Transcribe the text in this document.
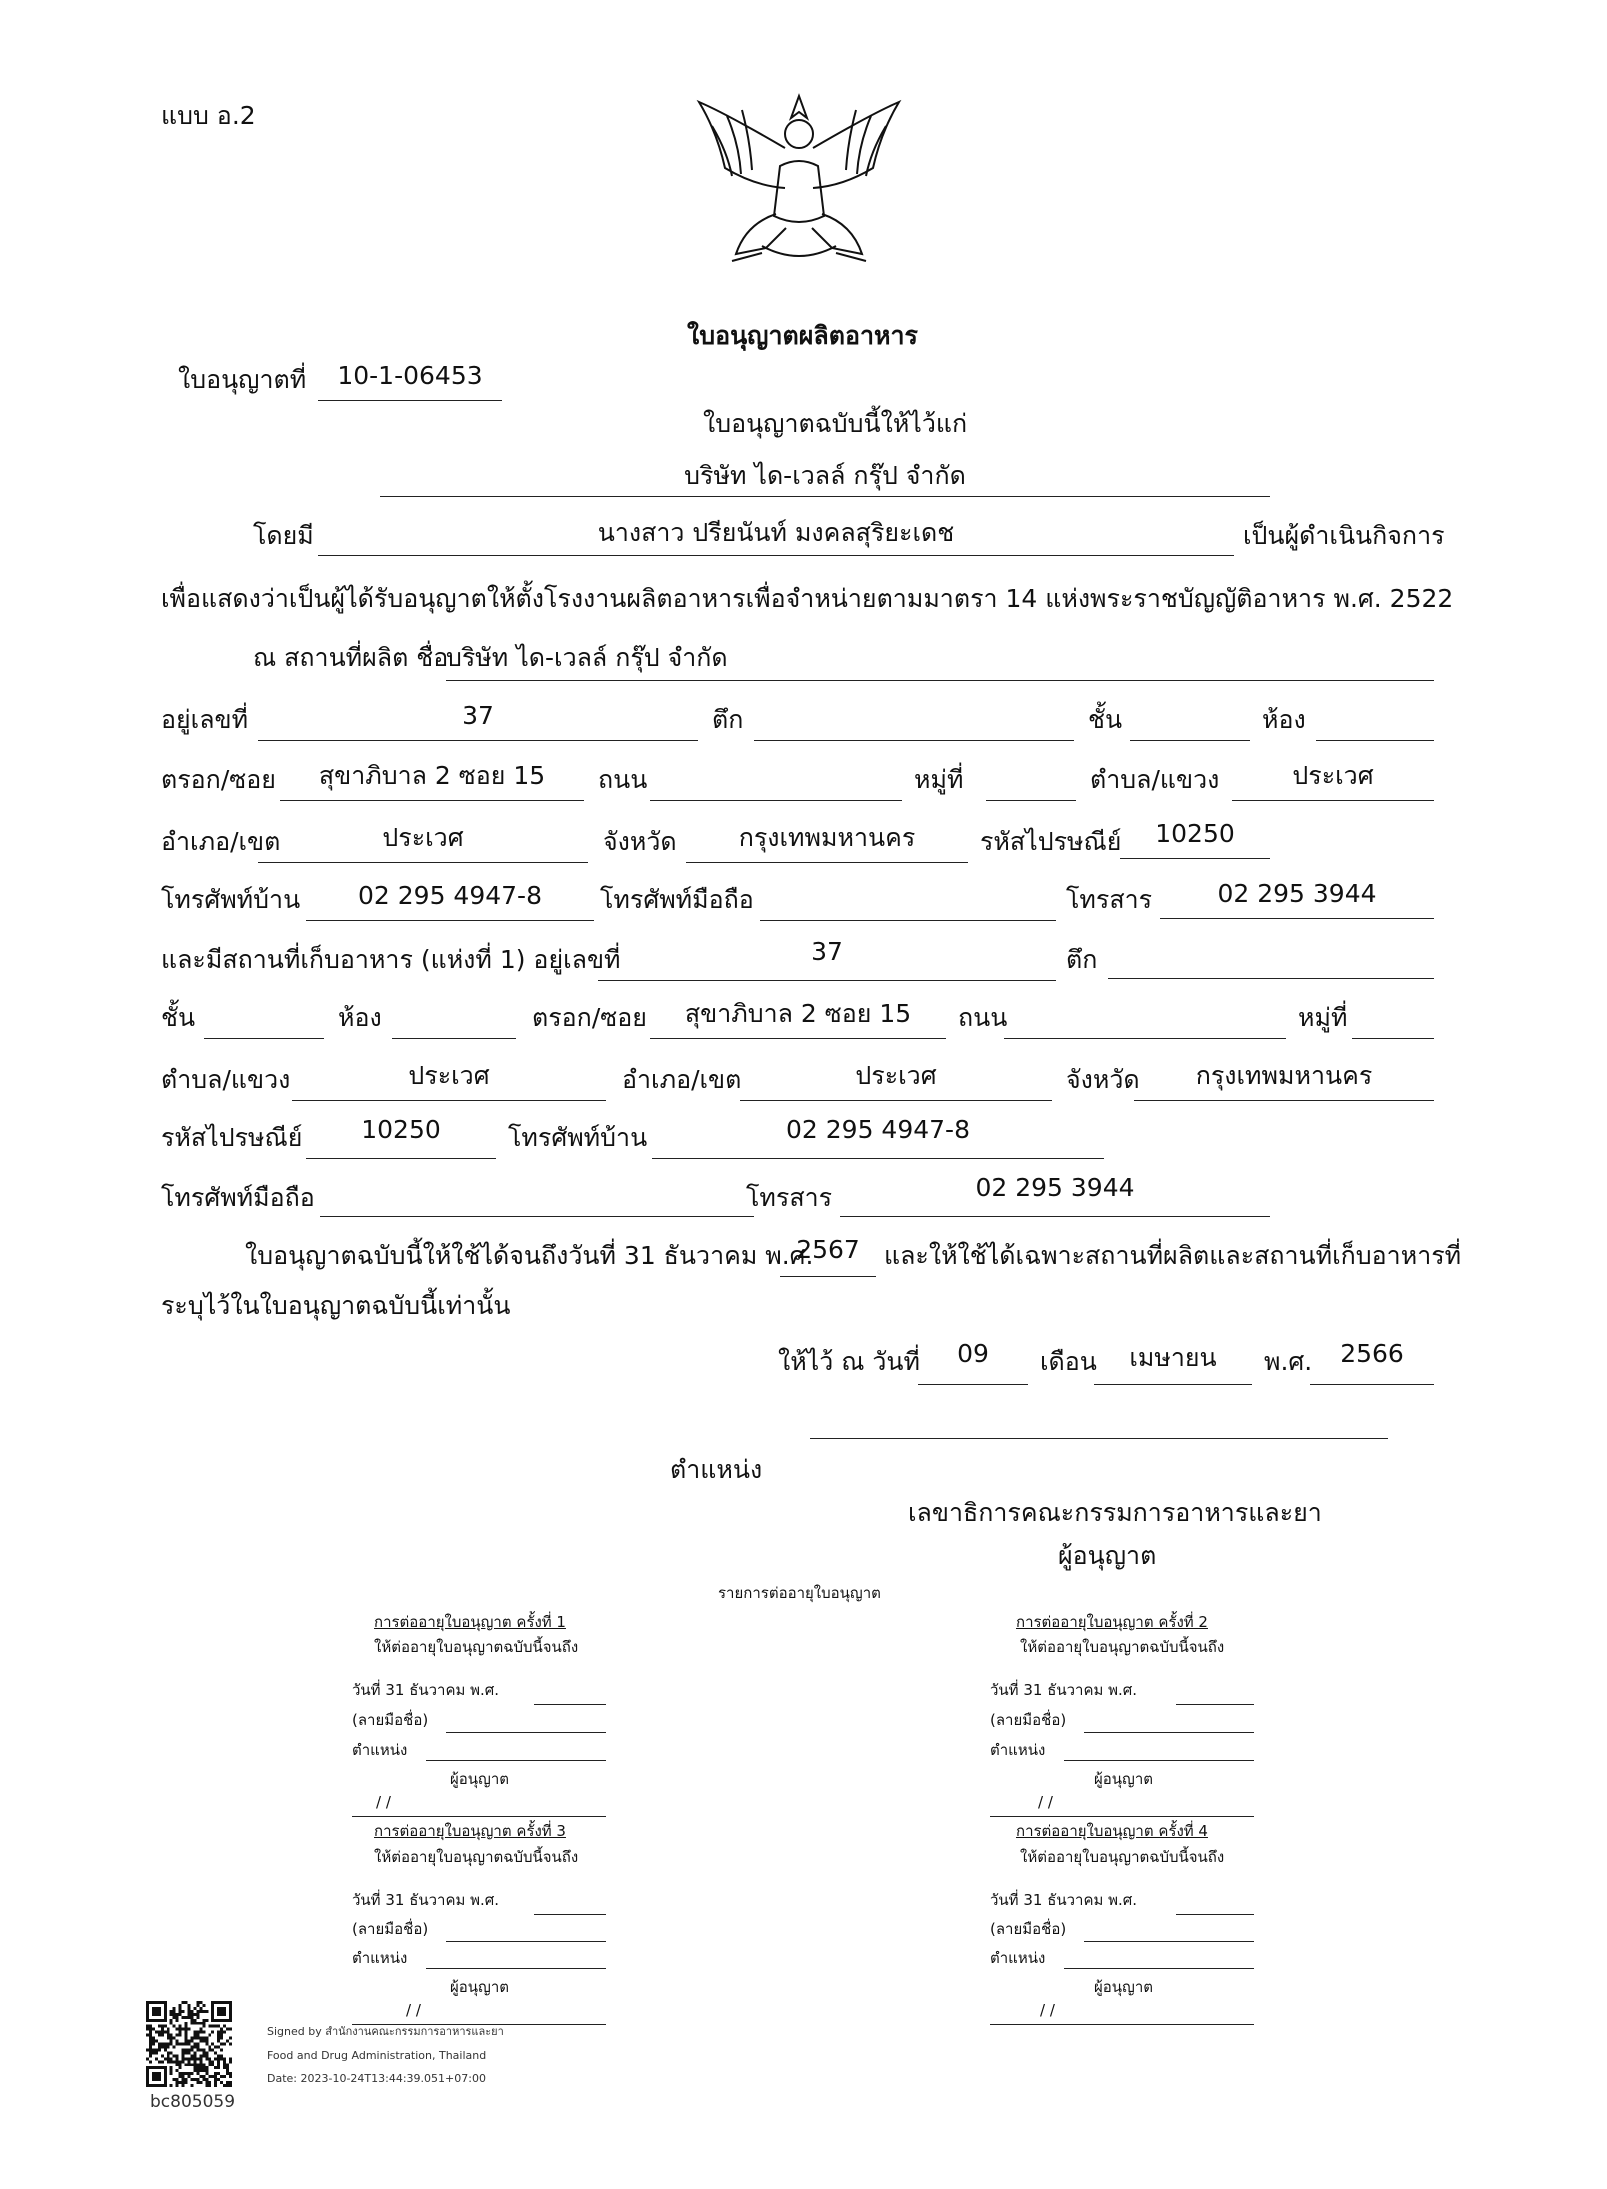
แบบ อ.2
ใบอนุญาตผลิตอาหาร
ใบอนุญาตที่	10-1-06453
ใบอนุญาตฉบับนี้ให้ไว้แก่
บริษัท ได-เวลล์ กรุ๊ป จำกัด
โดยมี	นางสาว ปรียนันท์ มงคลสุริยะเดช	เป็นผู้ดำเนินกิจการ
เพื่อแสดงว่าเป็นผู้ได้รับอนุญาตให้ตั้งโรงงานผลิตอาหารเพื่อจำหน่ายตามมาตรา 14 แห่งพระราชบัญญัติอาหาร พ.ศ. 2522
ณ สถานที่ผลิต ชื่อ
บริษัท ได-เวลล์ กรุ๊ป จำกัด
อยู่เลขที่	37	ตึก	ชั้น	ห้อง
ตรอก/ซอย	สุขาภิบาล 2 ซอย 15	ถนน	หมู่ที่	ตำบล/แขวง	ประเวศ
อำเภอ/เขต	ประเวศ	จังหวัด	กรุงเทพมหานคร	รหัสไปรษณีย์	10250
โทรศัพท์บ้าน	02 295 4947-8	โทรศัพท์มือถือ	โทรสาร	02 295 3944
และมีสถานที่เก็บอาหาร (แห่งที่ 1) อยู่เลขที่	37	ตึก
ชั้น	ห้อง	ตรอก/ซอย	สุขาภิบาล 2 ซอย 15	ถนน	หมู่ที่
ตำบล/แขวง	ประเวศ	อำเภอ/เขต	ประเวศ	จังหวัด	กรุงเทพมหานคร
รหัสไปรษณีย์	10250	โทรศัพท์บ้าน	02 295 4947-8
โทรศัพท์มือถือ	โทรสาร	02 295 3944
ใบอนุญาตฉบับนี้ให้ใช้ได้จนถึงวันที่ 31 ธันวาคม พ.ศ.
2567 และให้ใช้ได้เฉพาะสถานที่ผลิตและสถานที่เก็บอาหารที่
ระบุไว้ในใบอนุญาตฉบับนี้เท่านั้น
ให้ไว้ ณ วันที่	09	เดือน	เมษายน	พ.ศ.	2566
ตำแหน่ง
เลขาธิการคณะกรรมการอาหารและยา
ผู้อนุญาต
รายการต่ออายุใบอนุญาต
การต่ออายุใบอนุญาต ครั้งที่ 1
ให้ต่ออายุใบอนุญาตฉบับนี้จนถึง
วันที่ 31 ธันวาคม พ.ศ.
(ลายมือชื่อ)
ตำแหน่ง
ผู้อนุญาต
/ /
การต่ออายุใบอนุญาต ครั้งที่ 2
ให้ต่ออายุใบอนุญาตฉบับนี้จนถึง
วันที่ 31 ธันวาคม พ.ศ.
(ลายมือชื่อ)
ตำแหน่ง
ผู้อนุญาต
/ /
การต่ออายุใบอนุญาต ครั้งที่ 3
ให้ต่ออายุใบอนุญาตฉบับนี้จนถึง
วันที่ 31 ธันวาคม พ.ศ.
(ลายมือชื่อ)
ตำแหน่ง
ผู้อนุญาต
/ /
การต่ออายุใบอนุญาต ครั้งที่ 4
ให้ต่ออายุใบอนุญาตฉบับนี้จนถึง
วันที่ 31 ธันวาคม พ.ศ.
(ลายมือชื่อ)
ตำแหน่ง
ผู้อนุญาต
/ /
bc805059
Signed by สำนักงานคณะกรรมการอาหารและยา
Food and Drug Administration, Thailand
Date: 2023-10-24T13:44:39.051+07:00
